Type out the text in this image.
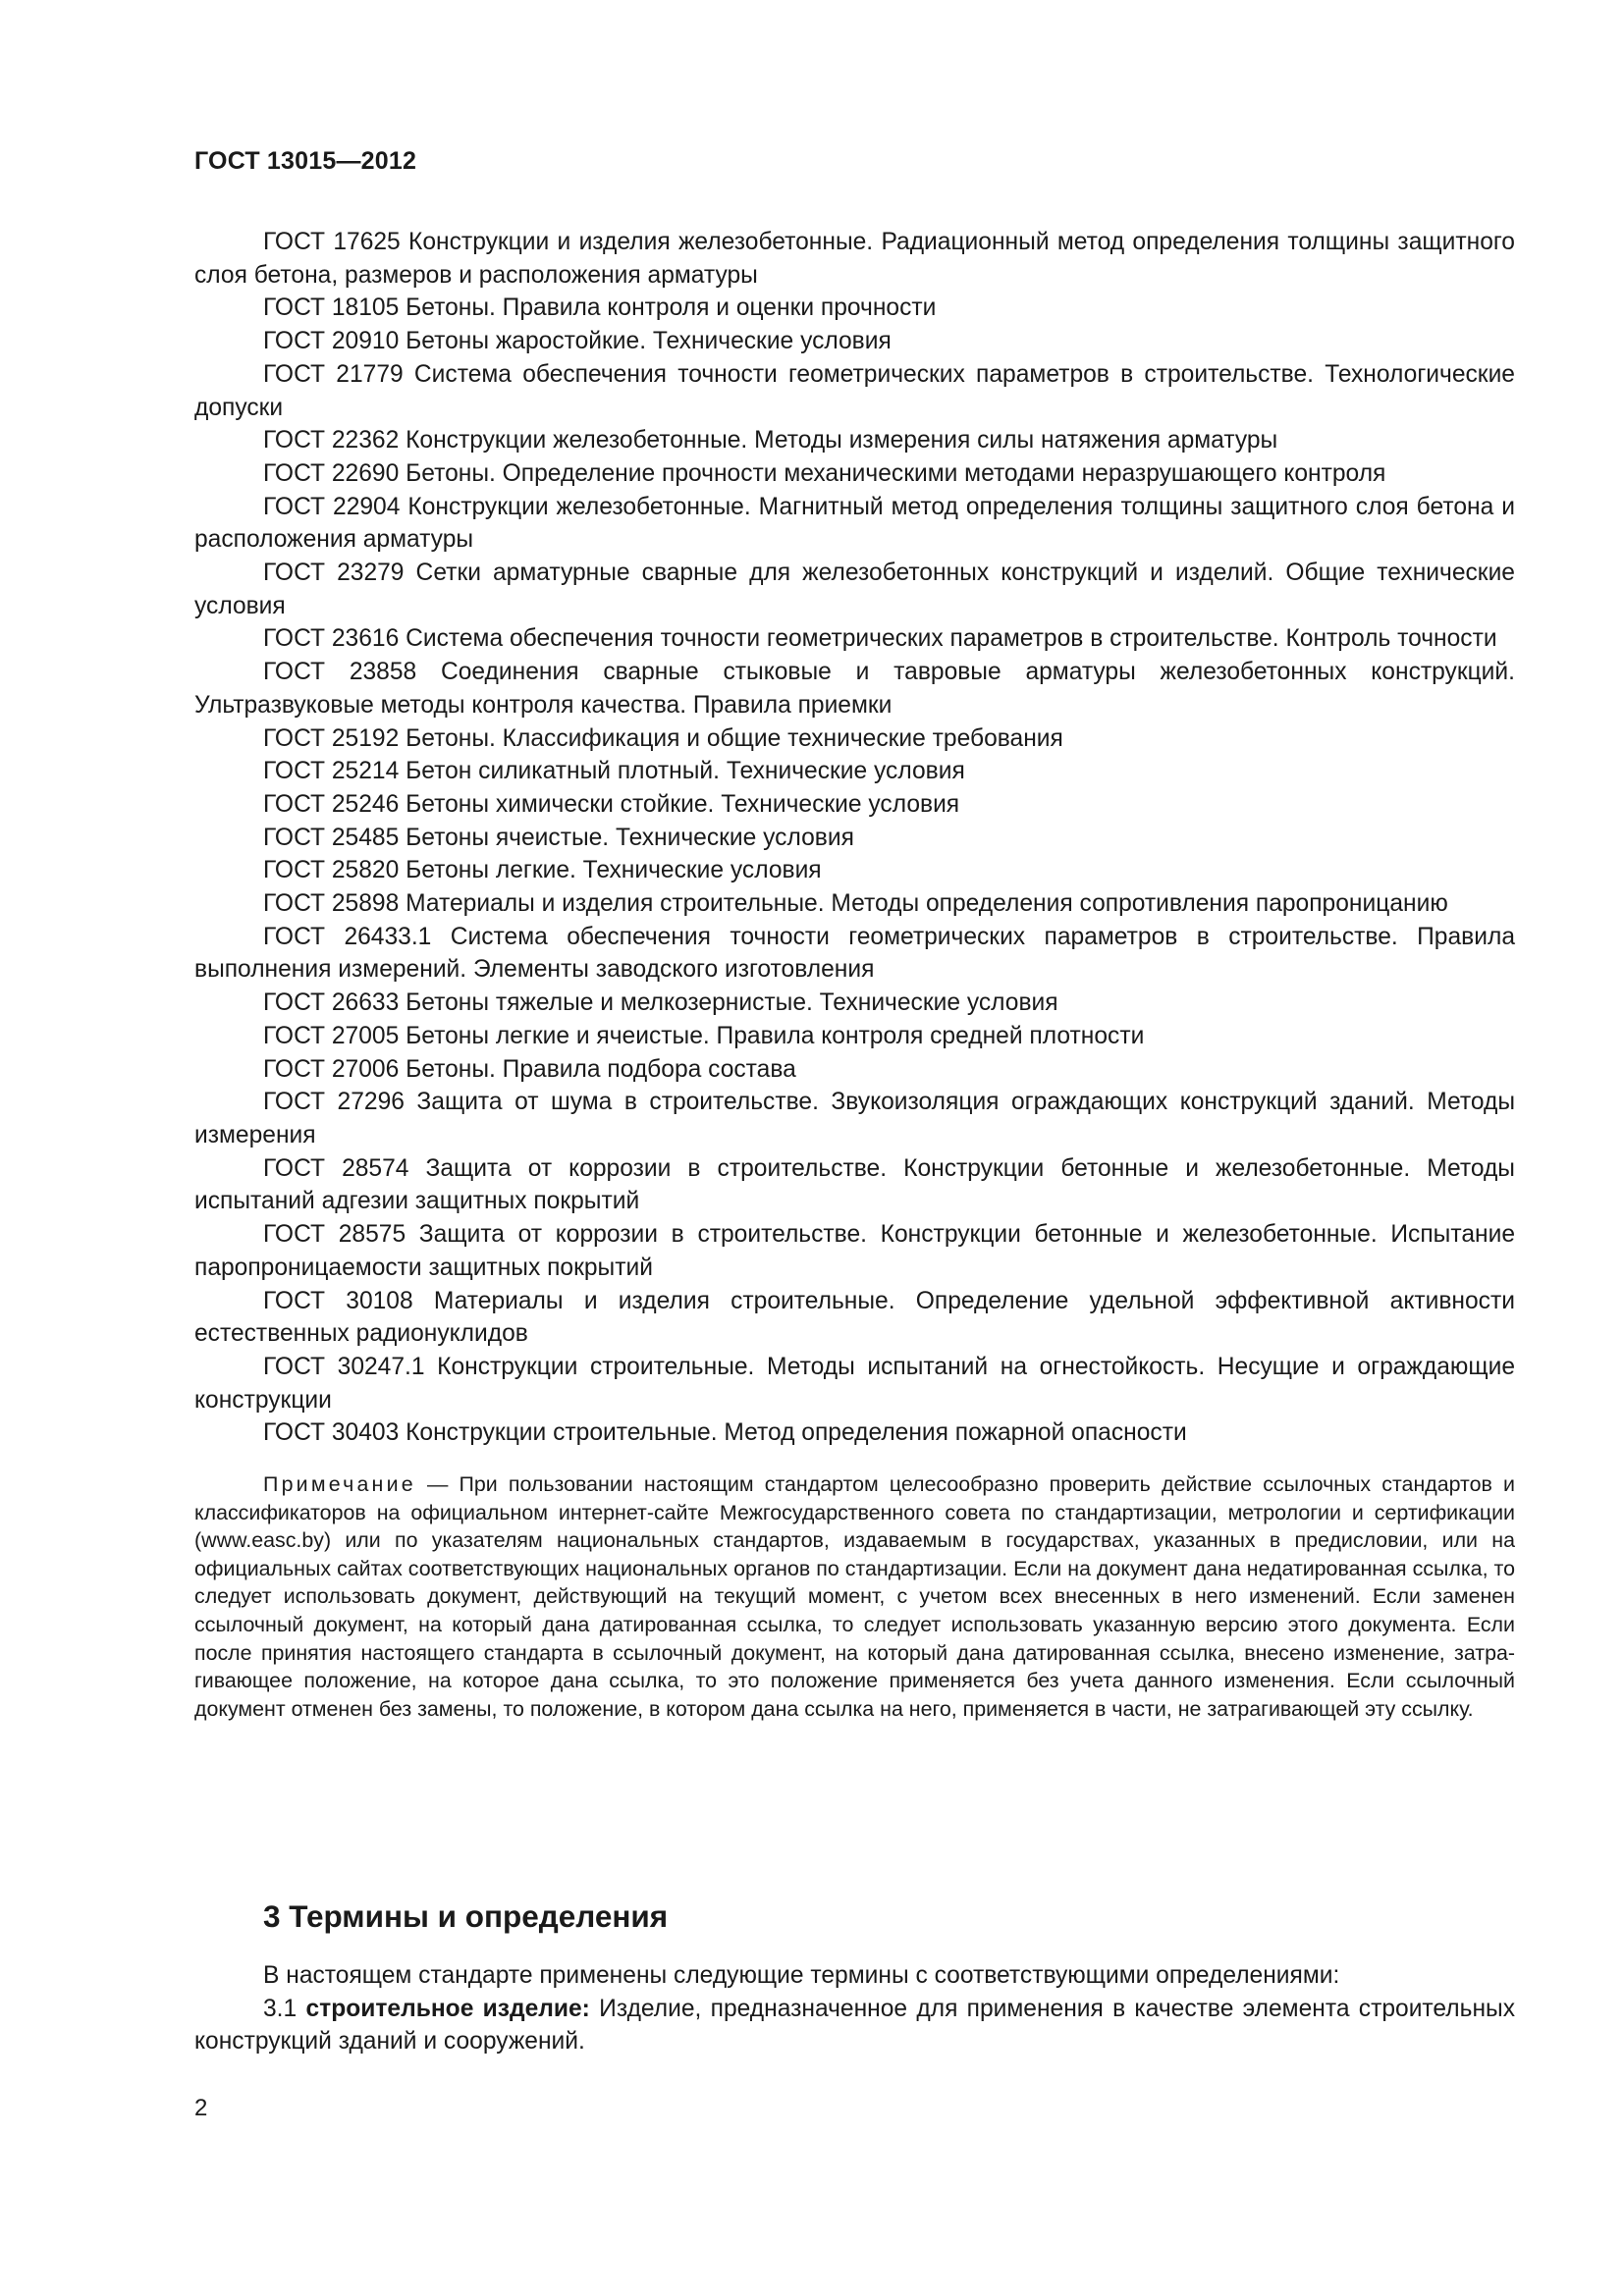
ГОСТ 13015—2012

ГОСТ 17625 Конструкции и изделия железобетонные. Радиационный метод определения толщины защитного слоя бетона, размеров и расположения арматуры

ГОСТ 18105 Бетоны. Правила контроля и оценки прочности

ГОСТ 20910 Бетоны жаростойкие. Технические условия

ГОСТ 21779 Система обеспечения точности геометрических параметров в строительстве. Технологические допуски

ГОСТ 22362 Конструкции железобетонные. Методы измерения силы натяжения арматуры

ГОСТ 22690 Бетоны. Определение прочности механическими методами неразрушающего контроля

ГОСТ 22904 Конструкции железобетонные. Магнитный метод определения толщины защитного слоя бетона и расположения арматуры

ГОСТ 23279 Сетки арматурные сварные для железобетонных конструкций и изделий. Общие технические условия

ГОСТ 23616 Система обеспечения точности геометрических параметров в строительстве. Контроль точности

ГОСТ 23858 Соединения сварные стыковые и тавровые арматуры железобетонных конструкций. Ультразвуковые методы контроля качества. Правила приемки

ГОСТ 25192 Бетоны. Классификация и общие технические требования

ГОСТ 25214 Бетон силикатный плотный. Технические условия

ГОСТ 25246 Бетоны химически стойкие. Технические условия

ГОСТ 25485 Бетоны ячеистые. Технические условия

ГОСТ 25820 Бетоны легкие. Технические условия

ГОСТ 25898 Материалы и изделия строительные. Методы определения сопротивления паропроницанию

ГОСТ 26433.1 Система обеспечения точности геометрических параметров в строительстве. Правила выполнения измерений. Элементы заводского изготовления

ГОСТ 26633 Бетоны тяжелые и мелкозернистые. Технические условия

ГОСТ 27005 Бетоны легкие и ячеистые. Правила контроля средней плотности

ГОСТ 27006 Бетоны. Правила подбора состава

ГОСТ 27296 Защита от шума в строительстве. Звукоизоляция ограждающих конструкций зданий. Методы измерения

ГОСТ 28574 Защита от коррозии в строительстве. Конструкции бетонные и железобетонные. Методы испытаний адгезии защитных покрытий

ГОСТ 28575 Защита от коррозии в строительстве. Конструкции бетонные и железобетонные. Испытание паропроницаемости защитных покрытий

ГОСТ 30108 Материалы и изделия строительные. Определение удельной эффективной активности естественных радионуклидов

ГОСТ 30247.1 Конструкции строительные. Методы испытаний на огнестойкость. Несущие и ограждающие конструкции

ГОСТ 30403 Конструкции строительные. Метод определения пожарной опасности

Примечание — При пользовании настоящим стандартом целесообразно проверить действие ссылочных стандартов и классификаторов на официальном интернет-сайте Межгосударственного совета по стандартизации, метрологии и сертификации (www.easc.by) или по указателям национальных стандартов, издаваемым в государствах, указанных в предисловии, или на официальных сайтах соответствующих национальных органов по стандартизации. Если на документ дана недатированная ссылка, то следует использовать документ, действующий на текущий момент, с учетом всех внесенных в него изменений. Если заменен ссылочный документ, на который дана датированная ссылка, то следует использовать указанную версию этого документа. Если после принятия настоящего стандарта в ссылочный документ, на который дана датированная ссылка, внесено изменение, затрагивающее положение, на которое дана ссылка, то это положение применяется без учета данного изменения. Если ссылочный документ отменен без замены, то положение, в котором дана ссылка на него, применяется в части, не затрагивающей эту ссылку.

3 Термины и определения

В настоящем стандарте применены следующие термины с соответствующими определениями:

3.1 строительное изделие: Изделие, предназначенное для применения в качестве элемента строительных конструкций зданий и сооружений.

2
